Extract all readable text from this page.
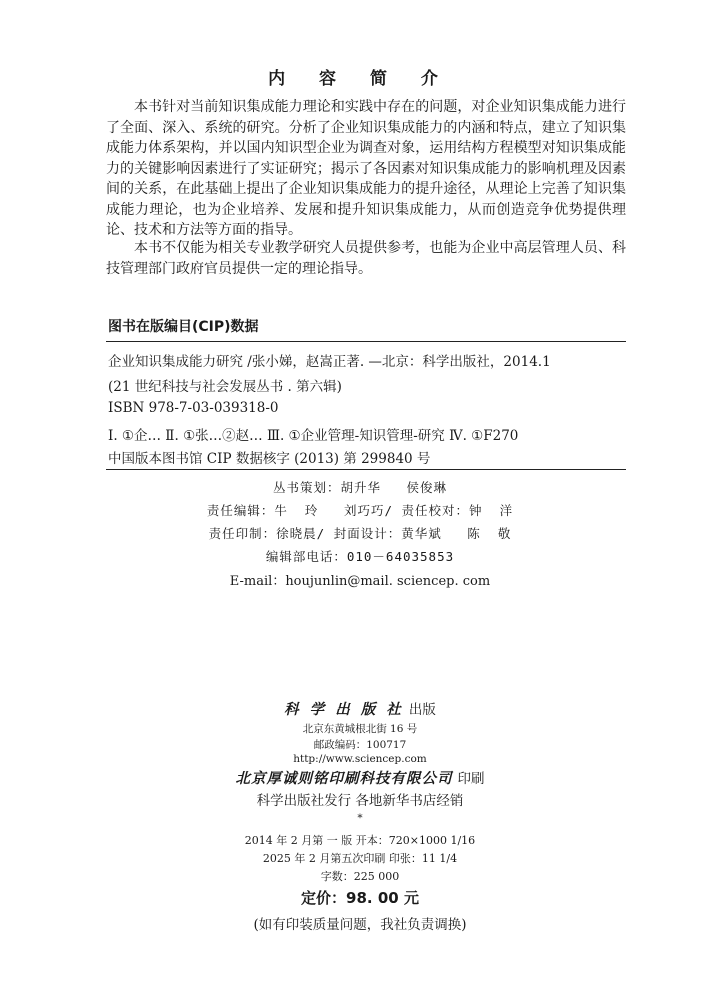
内 容 简 介

本书针对当前知识集成能力理论和实践中存在的问题，对企业知识集成能力进行了全面、深入、系统的研究。分析了企业知识集成能力的内涵和特点，建立了知识集成能力体系架构，并以国内知识型企业为调查对象，运用结构方程模型对知识集成能力的关键影响因素进行了实证研究；揭示了各因素对知识集成能力的影响机理及因素间的关系，在此基础上提出了企业知识集成能力的提升途径，从理论上完善了知识集成能力理论，也为企业培养、发展和提升知识集成能力，从而创造竞争优势提供理论、技术和方法等方面的指导。

本书不仅能为相关专业教学研究人员提供参考，也能为企业中高层管理人员、科技管理部门政府官员提供一定的理论指导。

图书在版编目(CIP)数据
企业知识集成能力研究 /张小娣，赵嵩正著. —北京：科学出版社，2014.1
(21 世纪科技与社会发展丛书 . 第六辑)
ISBN 978-7-03-039318-0
Ⅰ. ①企… Ⅱ. ①张…②赵… Ⅲ. ①企业管理-知识管理-研究 Ⅳ. ①F270
中国版本图书馆 CIP 数据核字 (2013) 第 299840 号
丛书策划：胡升华   侯俊琳
责任编辑：牛  玲   刘巧巧/ 责任校对：钟  洋
责任印制：徐晓晨/ 封面设计：黄华斌   陈  敬
编辑部电话：010－64035853
E-mail：houjunlin@mail. sciencep. com
科 学 出 版 社 出版
北京东黄城根北街 16 号
邮政编码：100717
http://www.sciencep.com
北京厚诚则铭印刷科技有限公司 印刷
科学出版社发行 各地新华书店经销
*
2014 年 2 月第 一 版 开本：720×1000 1/16
2025 年 2 月第五次印刷 印张：11 1/4
字数：225 000
定价：98. 00 元
(如有印装质量问题，我社负责调换)
